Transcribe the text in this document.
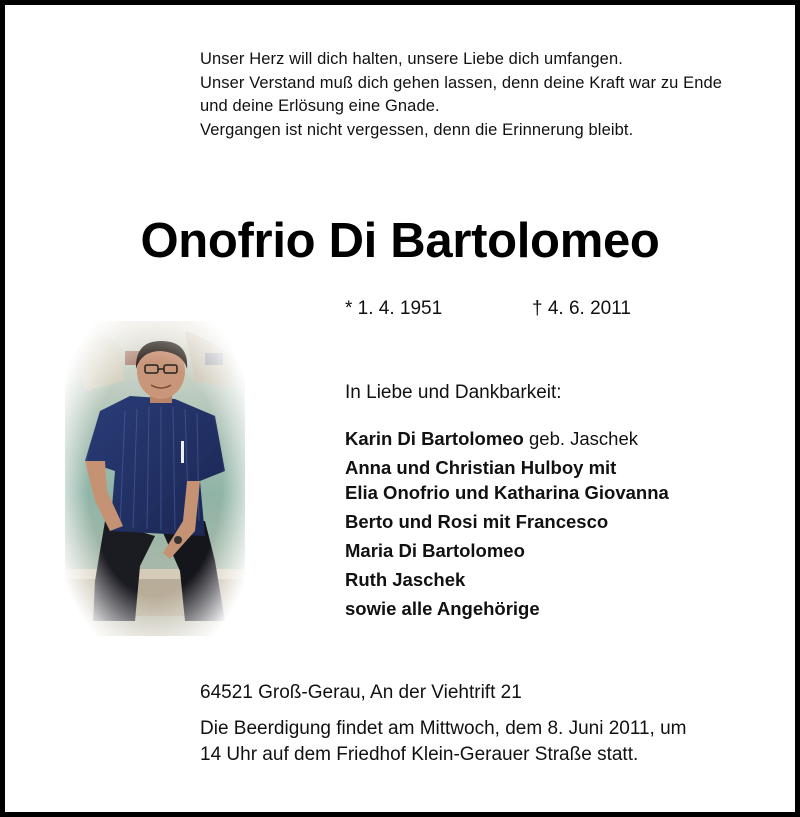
Unser Herz will dich halten, unsere Liebe dich umfangen.
Unser Verstand muß dich gehen lassen, denn deine Kraft war zu Ende
und deine Erlösung eine Gnade.
Vergangen ist nicht vergessen, denn die Erinnerung bleibt.
Onofrio Di Bartolomeo
* 1. 4. 1951	† 4. 6. 2011
In Liebe und Dankbarkeit:
Karin Di Bartolomeo geb. Jaschek
Anna und Christian Hulboy mit
Elia Onofrio und Katharina Giovanna
Berto und Rosi mit Francesco
Maria Di Bartolomeo
Ruth Jaschek
sowie alle Angehörige
64521 Groß-Gerau, An der Viehtrift 21
Die Beerdigung findet am Mittwoch, dem 8. Juni 2011, um
14 Uhr auf dem Friedhof Klein-Gerauer Straße statt.
